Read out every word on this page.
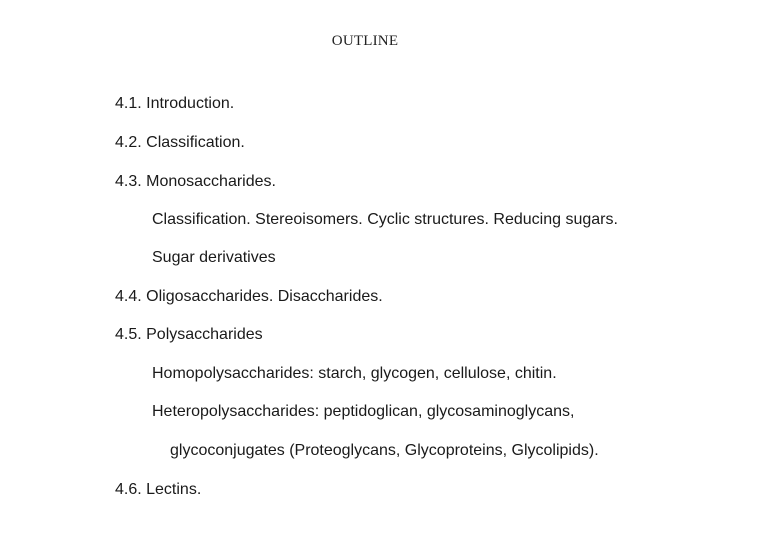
OUTLINE
4.1. Introduction.
4.2. Classification.
4.3. Monosaccharides.
Classification. Stereoisomers. Cyclic structures. Reducing sugars.
Sugar derivatives
4.4. Oligosaccharides. Disaccharides.
4.5. Polysaccharides
Homopolysaccharides: starch, glycogen, cellulose, chitin.
Heteropolysaccharides: peptidoglican, glycosaminoglycans,
glycoconjugates (Proteoglycans, Glycoproteins, Glycolipids).
4.6. Lectins.
